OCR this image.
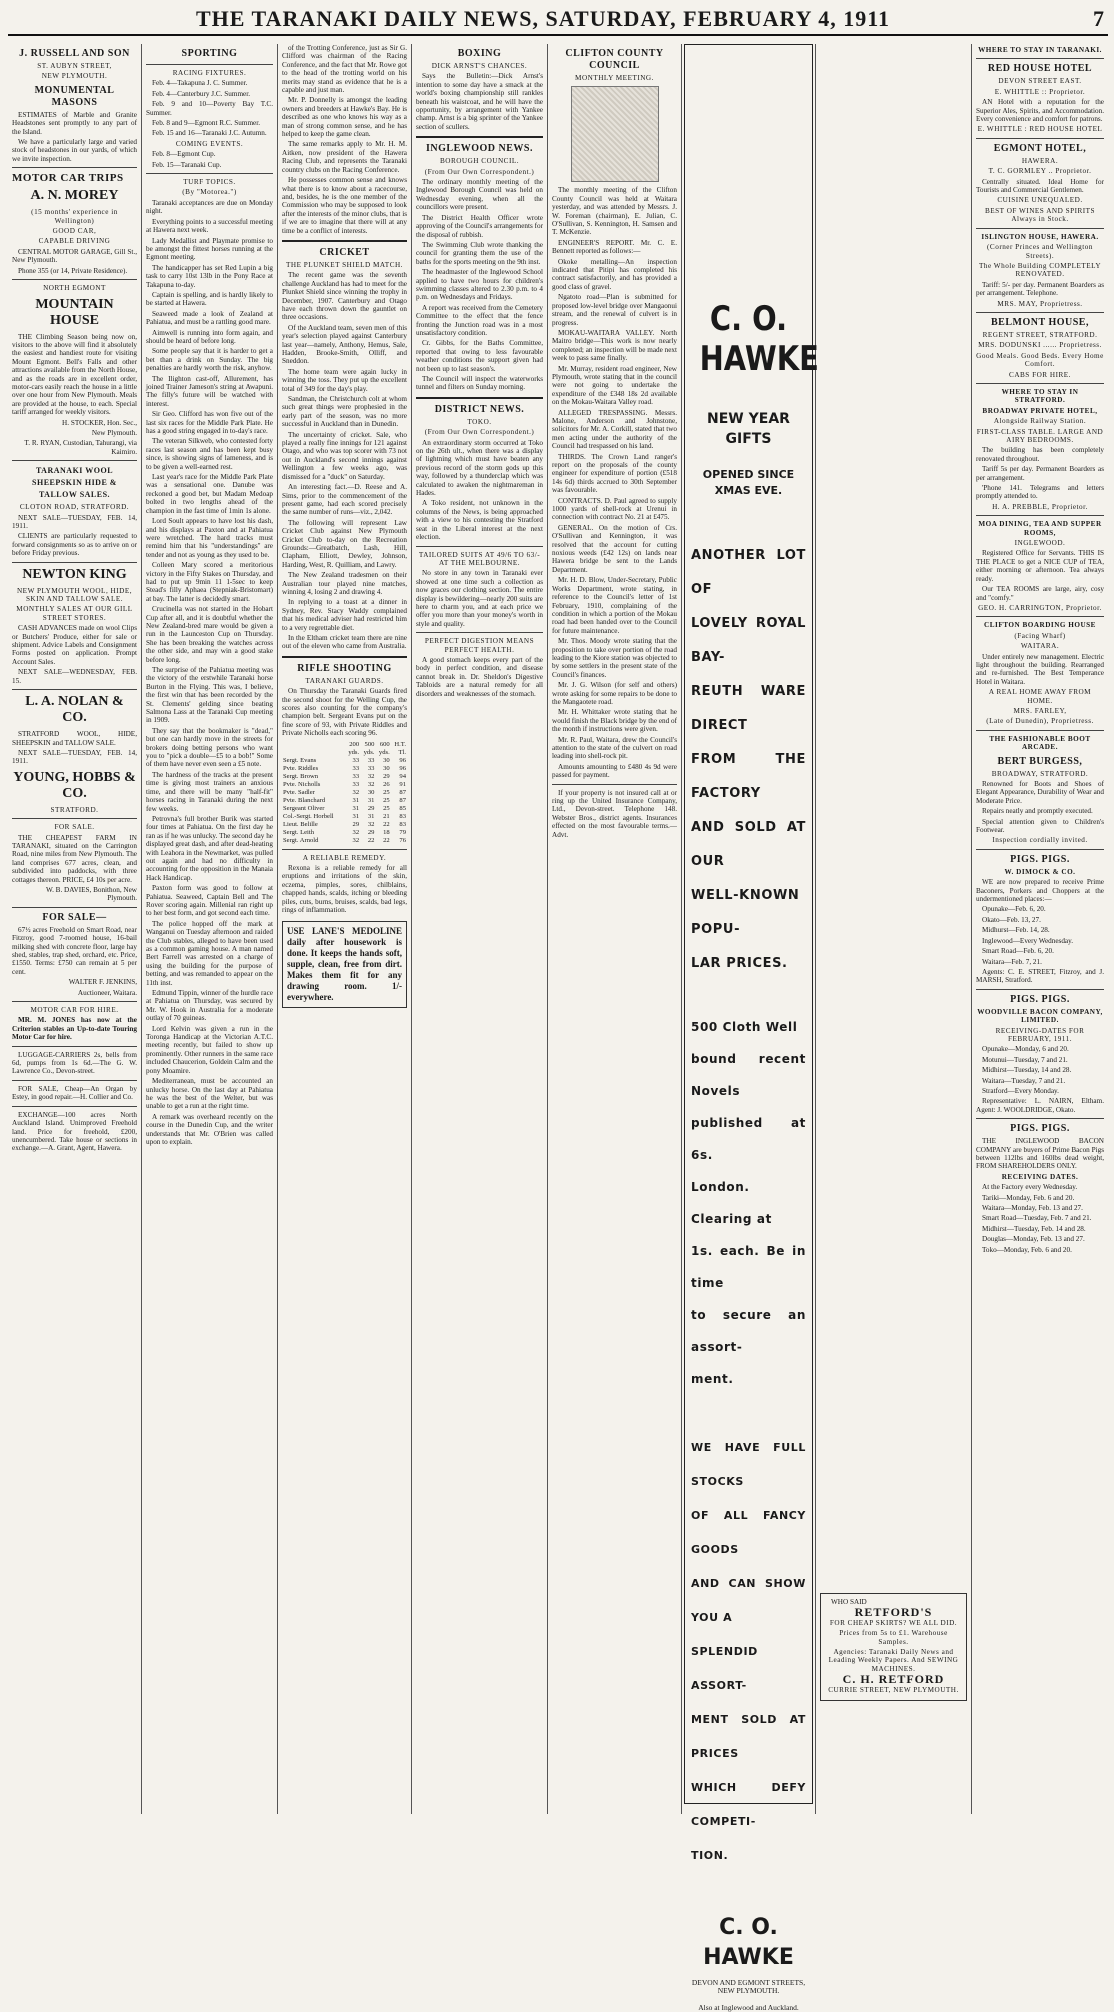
THE TARANAKI DAILY NEWS, SATURDAY, FEBRUARY 4, 1911	7
J. RUSSELL AND SON
ST. AUBYN STREET,
NEW PLYMOUTH.
MONUMENTAL MASONS
ESTIMATES of Marble and Granite Headstones sent promptly to any part of the Island.
We have a particularly large and varied stock of headstones in our yards, of which we invite inspection.
MOTOR CAR TRIPS
A. N. MOREY
(15 months' experience in Wellington)
GOOD CAR,
CAPABLE DRIVING
CENTRAL MOTOR GARAGE, Gill St., New Plymouth.
Phone 355 (or 14, Private Residence).
NORTH EGMONT
MOUNTAIN HOUSE
THE Climbing Season being now on, visitors to the above will find it absolutely the easiest and handiest route for visiting Mount Egmont. Bell's Falls and other attractions available from the North House, and as the roads are in excellent order, motor-cars easily reach the house in a little over one hour from New Plymouth. Meals are provided at the house, to each. Special tariff arranged for weekly visitors.
H. STOCKER, Hon. Sec.,
New Plymouth.
T. R. RYAN, Custodian, Tahurangi, via Kaimiro.
TARANAKI WOOL SHEEPSKIN HIDE & TALLOW SALES.
CLOTON ROAD, STRATFORD.
NEXT SALE—TUESDAY, FEB. 14, 1911.
CLIENTS are particularly requested to forward consignments so as to arrive on or before Friday previous.
NEWTON KING
NEW PLYMOUTH WOOL, HIDE, SKIN AND TALLOW SALE.
MONTHLY SALES AT OUR GILL STREET STORES.
CASH ADVANCES made on wool Clips or Butchers' Produce, either for sale or shipment. Advice Labels and Consignment Forms posted on application. Prompt Account Sales.
NEXT SALE—WEDNESDAY, FEB. 15.
L. A. NOLAN & CO.
STRATFORD WOOL, HIDE, SHEEPSKIN and TALLOW SALE.
NEXT SALE—TUESDAY, FEB. 14, 1911.
YOUNG, HOBBS & CO.
STRATFORD.
FOR SALE.
THE CHEAPEST FARM IN TARANAKI, situated on the Carrington Road, nine miles from New Plymouth. The land comprises 677 acres, clean, and subdivided into paddocks, with three cottages thereon. PRICE, £4 10s per acre.
W. B. DAVIES, Bonithon, New Plymouth.
FOR SALE—
67½ acres Freehold on Smart Road, near Fitzroy, good 7-roomed house, 16-bail milking shed with concrete floor, large hay shed, stables, trap shed, orchard, etc. Price, £1550. Terms: £750 can remain at 5 per cent.
WALTER F. JENKINS,
Auctioneer, Waitara.
MOTOR CAR FOR HIRE.
MR. M. JONES has now at the Criterion stables an Up-to-date Touring Motor Car for hire.
LUGGAGE-CARRIERS 2s, bells from 6d, pumps from 1s 6d.—The G. W. Lawrence Co., Devon-street.
FOR SALE, Cheap—An Organ by Estey, in good repair.—H. Collier and Co.
EXCHANGE—100 acres North Auckland Island. Unimproved Freehold land. Price for freehold, £200, unencumbered. Take house or sections in exchange.—A. Grant, Agent, Hawera.
SPORTING
RACING FIXTURES.
Feb. 4—Takapuna J. C. Summer.
Feb. 4—Canterbury J.C. Summer.
Feb. 9 and 10—Poverty Bay T.C. Summer.
Feb. 8 and 9—Egmont R.C. Summer.
Feb. 15 and 16—Taranaki J.C. Autumn.
COMING EVENTS.
Feb. 8—Egmont Cup.
Feb. 15—Taranaki Cup.
TURF TOPICS.
(By "Motorea.")
Taranaki acceptances are due on Monday night.
Everything points to a successful meeting at Hawera next week.
Lady Medallist and Playmate promise to be amongst the fittest horses running at the Egmont meeting.
The handicapper has set Red Lupin a big task to carry 10st 13lb in the Pony Race at Takapuna to-day.
Captain is spelling, and is hardly likely to be started at Hawera.
Seaweed made a look of Zealand at Pahiatua, and must be a rattling good mare.
Aimwell is running into form again, and should be heard of before long.
Some people say that it is harder to get a bet than a drink on Sunday. The big penalties are hardly worth the risk, anyhow.
The Ilighton cast-off, Allurement, has joined Trainer Jameson's string at Awapuni. The filly's future will be watched with interest.
Sir Geo. Clifford has won five out of the last six races for the Middle Park Plate. He has a good string engaged in to-day's race.
The veteran Silkweb, who contested forty races last season and has been kept busy since, is showing signs of lameness, and is to be given a well-earned rest.
Last year's race for the Middle Park Plate was a sensational one. Danube was reckoned a good bet, but Madam Medoap bolted in two lengths ahead of the champion in the fast time of 1min 1s alone.
Lord Soult appears to have lost his dash, and his displays at Paxton and at Pahiatua were wretched. The hard tracks must remind him that his "understandings" are tender and not as young as they used to be.
Colleen Mary scored a meritorious victory in the Fifty Stakes on Thursday, and had to put up 9min 11 1-5sec to keep Stead's filly Aphaea (Stepniak-Bristomart) at bay. The latter is decidedly smart.
Crucinella was not started in the Hobart Cup after all, and it is doubtful whether the New Zealand-bred mare would be given a run in the Launceston Cup on Thursday. She has been breaking the watches across the other side, and may win a good stake before long.
The surprise of the Pahiatua meeting was the victory of the erstwhile Taranaki horse Burton in the Flying. This was, I believe, the first win that has been recorded by the St. Clements' gelding since beating Salmona Lass at the Taranaki Cup meeting in 1909.
They say that the bookmaker is "dead," but one can hardly move in the streets for brokers doing betting persons who want you to "pick a double—£5 to a bob!" Some of them have never even seen a £5 note.
The hardness of the tracks at the present time is giving most trainers an anxious time, and there will be many "half-fit" horses racing in Taranaki during the next few weeks.
Petrovna's full brother Burik was started four times at Pahiatua. On the first day he ran as if he was unlucky. The second day he displayed great dash, and after dead-heating with Leahora in the Newmarket, was pulled out again and had no difficulty in accounting for the opposition in the Manaia Hack Handicap.
Paxton form was good to follow at Pahiatua. Seaweed, Captain Bell and The Rover scoring again. Millenial ran right up to her best form, and got second each time.
The police hopped off the mark at Wanganui on Tuesday afternoon and raided the Club stables, alleged to have been used as a common gaming house. A man named Bert Farrell was arrested on a charge of using the building for the purpose of betting, and was remanded to appear on the 11th inst.
Edmund Tippin, winner of the hurdle race at Pahiatua on Thursday, was secured by Mr. W. Hook in Australia for a moderate outlay of 70 guineas.
Lord Kelvin was given a run in the Toronga Handicap at the Victorian A.T.C. meeting recently, but failed to show up prominently. Other runners in the same race included Chaucerion, Goldein Calm and the pony Moamire.
Mediterranean, must be accounted an unlucky horse. On the last day at Pahiatua he was the best of the Welter, but was unable to get a run at the right time.
A remark was overheard recently on the course in the Dunedin Cup, and the writer understands that Mr. O'Brien was called upon to explain.
of the Trotting Conference, just as Sir G. Clifford was chairman of the Racing Conference, and the fact that Mr. Rowe got to the head of the trotting world on his merits may stand as evidence that he is a capable and just man.
Mr. P. Donnelly is amongst the leading owners and breeders at Hawke's Bay. He is described as one who knows his way as a man of strong common sense, and he has helped to keep the game clean.
The same remarks apply to Mr. H. M. Aitken, now president of the Hawera Racing Club, and represents the Taranaki country clubs on the Racing Conference.
He possesses common sense and knows what there is to know about a racecourse, and, besides, he is the one member of the Commission who may be supposed to look after the interests of the minor clubs, that is if we are to imagine that there will at any time be a conflict of interests.
CRICKET
THE PLUNKET SHIELD MATCH.
The recent game was the seventh challenge Auckland has had to meet for the Plunket Shield since winning the trophy in December, 1907. Canterbury and Otago have each thrown down the gauntlet on three occasions.
Of the Auckland team, seven men of this year's selection played against Canterbury last year—namely, Anthony, Hemus, Sale, Hadden, Brooke-Smith, Olliff, and Sneddon.
The home team were again lucky in winning the toss. They put up the excellent total of 349 for the day's play.
Sandman, the Christchurch colt at whom such great things were prophesied in the early part of the season, was no more successful in Auckland than in Dunedin.
The uncertainty of cricket. Sale, who played a really fine innings for 121 against Otago, and who was top scorer with 73 not out in Auckland's second innings against Wellington a few weeks ago, was dismissed for a "duck" on Saturday.
An interesting fact.—D. Reese and A. Sims, prior to the commencement of the present game, had each scored precisely the same number of runs—viz., 2,042.
The following will represent Law Cricket Club against New Plymouth Cricket Club to-day on the Recreation Grounds:—Greatbatch, Lash, Hill, Clapham, Elliott, Dewley, Johnson, Harding, West, R. Quilliam, and Lawry.
The New Zealand tradesmen on their Australian tour played nine matches, winning 4, losing 2 and drawing 4.
In replying to a toast at a dinner in Sydney, Rev. Stacy Waddy complained that his medical adviser had restricted him to a very regrettable diet.
In the Eltham cricket team there are nine out of the eleven who came from Australia.
RIFLE SHOOTING
TARANAKI GUARDS.
On Thursday the Taranaki Guards fired the second shoot for the Welling Cup, the scores also counting for the company's champion belt. Sergeant Evans put on the fine score of 93, with Private Riddles and Private Nicholls each scoring 96.
	200	500	600	H.T.
	yds.	yds.	yds.	Tl.
Sergt. Evans	33	33	30	96
Pvte. Riddles	33	33	30	96
Sergt. Brown	33	32	29	94
Pvte. Nicholls	33	32	26	91
Pvte. Sadler	32	30	25	87
Pvte. Blanchard	31	31	25	87
Sergeant Oliver	31	29	25	85
Col.-Sergt. Horbell	31	31	21	83
Lieut. Belille	29	32	22	83
Sergt. Leith	32	29	18	79
Sergt. Arnold	32	22	22	76
A RELIABLE REMEDY.
Rexona is a reliable remedy for all eruptions and irritations of the skin, eczema, pimples, sores, chilblains, chapped hands, scalds, itching or bleeding piles, cuts, burns, bruises, scalds, bad legs, rings of inflammation.
USE LANE'S MEDOLINE daily after housework is done. It keeps the hands soft, supple, clean, free from dirt. Makes them fit for any drawing room. 1/- everywhere.
BOXING
DICK ARNST'S CHANCES.
Says the Bulletin:—Dick Arnst's intention to some day have a smack at the world's boxing championship still rankles beneath his waistcoat, and he will have the opportunity, by arrangement with Yankee champ. Arnst is a big sprinter of the Yankee section of scullers.
INGLEWOOD NEWS.
BOROUGH COUNCIL.
(From Our Own Correspondent.)
The ordinary monthly meeting of the Inglewood Borough Council was held on Wednesday evening, when all the councillors were present.
The District Health Officer wrote approving of the Council's arrangements for the disposal of rubbish.
The Swimming Club wrote thanking the council for granting them the use of the baths for the sports meeting on the 9th inst.
The headmaster of the Inglewood School applied to have two hours for children's swimming classes altered to 2.30 p.m. to 4 p.m. on Wednesdays and Fridays.
A report was received from the Cemetery Committee to the effect that the fence fronting the Junction road was in a most unsatisfactory condition.
Cr. Gibbs, for the Baths Committee, reported that owing to less favourable weather conditions the support given had not been up to last season's.
The Council will inspect the waterworks tunnel and filters on Sunday morning.
DISTRICT NEWS.
TOKO.
(From Our Own Correspondent.)
An extraordinary storm occurred at Toko on the 26th ult., when there was a display of lightning which must have beaten any previous record of the storm gods up this way, followed by a thunderclap which was calculated to awaken the nightmareman in Hades.
A Toko resident, not unknown in the columns of the News, is being approached with a view to his contesting the Stratford seat in the Liberal interest at the next election.
TAILORED SUITS AT 49/6 TO 63/- AT THE MELBOURNE.
No store in any town in Taranaki ever showed at one time such a collection as now graces our clothing section. The entire display is bewildering—nearly 200 suits are here to charm you, and at each price we offer you more than your money's worth in style and quality.
PERFECT DIGESTION MEANS PERFECT HEALTH.
A good stomach keeps every part of the body in perfect condition, and disease cannot break in. Dr. Sheldon's Digestive Tabloids are a natural remedy for all disorders and weaknesses of the stomach.
CLIFTON COUNTY COUNCIL
MONTHLY MEETING.
The monthly meeting of the Clifton County Council was held at Waitara yesterday, and was attended by Messrs. J. W. Foreman (chairman), E. Julian, C. O'Sullivan, S. Kennington, H. Samsen and T. McKenzie.
ENGINEER'S REPORT. Mr. C. E. Bennett reported as follows:—
Okoke metalling—An inspection indicated that Pitipi has completed his contract satisfactorily, and has provided a good class of gravel.
Ngatoto road—Plan is submitted for proposed low-level bridge over Mangaonui stream, and the renewal of culvert is in progress.
MOKAU-WAITARA VALLEY. North Maitro bridge—This work is now nearly completed; an inspection will be made next week to pass same finally.
Mr. Murray, resident road engineer, New Plymouth, wrote stating that in the council were not going to undertake the expenditure of the £348 18s 2d available on the Mokau-Waitara Valley road.
ALLEGED TRESPASSING. Messrs. Malone, Anderson and Johnstone, solicitors for Mr. A. Corkill, stated that two men acting under the authority of the Council had trespassed on his land.
THIRDS. The Crown Land ranger's report on the proposals of the county engineer for expenditure of portion (£518 14s 6d) thirds accrued to 30th September was favourable.
CONTRACTS. D. Paul agreed to supply 1000 yards of shell-rock at Urenui in connection with contract No. 21 at £475.
GENERAL. On the motion of Crs. O'Sullivan and Kennington, it was resolved that the account for cutting noxious weeds (£42 12s) on lands near Hawera bridge be sent to the Lands Department.
Mr. H. D. Blow, Under-Secretary, Public Works Department, wrote stating, in reference to the Council's letter of 1st February, 1910, complaining of the condition in which a portion of the Mokau road had been handed over to the Council for future maintenance.
Mr. Thos. Moody wrote stating that the proposition to take over portion of the road leading to the Kiore station was objected to by some settlers in the present state of the Council's finances.
Mr. J. G. Wilson (for self and others) wrote asking for some repairs to be done to the Mangaotete road.
Mr. H. Whittaker wrote stating that he would finish the Black bridge by the end of the month if instructions were given.
Mr. R. Paul, Waitara, drew the Council's attention to the state of the culvert on road leading into shell-rock pit.
Amounts amounting to £480 4s 9d were passed for payment.
If your property is not insured call at or ring up the United Insurance Company, Ltd., Devon-street. Telephone 148. Webster Bros., district agents. Insurances effected on the most favourable terms.—Advt.
C. O. HAWKE
NEW YEAR GIFTS
OPENED SINCE XMAS EVE.
ANOTHER LOT OF
LOVELY ROYAL BAY-
REUTH WARE DIRECT
FROM THE FACTORY
AND SOLD AT OUR
WELL-KNOWN POPU-
LAR PRICES.
500 Cloth Well
bound recent Novels
published at 6s.
London. Clearing at
1s. each. Be in time
to secure an assort-
ment.
WE HAVE FULL STOCKS
OF ALL FANCY GOODS
AND CAN SHOW YOU A
SPLENDID ASSORT-
MENT SOLD AT PRICES
WHICH DEFY COMPETI-
TION.
C. O. HAWKE
DEVON AND EGMONT STREETS,
NEW PLYMOUTH.
Also at Inglewood and Auckland.
WHO SAID
RETFORD'S
FOR CHEAP SKIRTS? WE ALL DID.
Prices from 5s to £1. Warehouse Samples.
Agencies: Taranaki Daily News and Leading Weekly Papers. And SEWING MACHINES.
C. H. RETFORD
CURRIE STREET, NEW PLYMOUTH.
WHERE TO STAY IN TARANAKI.
RED HOUSE HOTEL
DEVON STREET EAST.
E. WHITTLE :: Proprietor.
AN Hotel with a reputation for the Superior Ales, Spirits, and Accommodation. Every convenience and comfort for patrons.
E. WHITTLE : RED HOUSE HOTEL
EGMONT HOTEL,
HAWERA.
T. C. GORMLEY .. Proprietor.
Centrally situated. Ideal Home for Tourists and Commercial Gentlemen.
CUISINE UNEQUALED.
BEST OF WINES AND SPIRITS Always in Stock.
ISLINGTON HOUSE, HAWERA.
(Corner Princes and Wellington Streets).
The Whole Building COMPLETELY RENOVATED.
Tariff: 5/- per day. Permanent Boarders as per arrangement. Telephone.
MRS. MAY, Proprietress.
BELMONT HOUSE,
REGENT STREET, STRATFORD.
MRS. DODUNSKI ...... Proprietress.
Good Meals. Good Beds. Every Home Comfort.
CABS FOR HIRE.
WHERE TO STAY IN STRATFORD.
BROADWAY PRIVATE HOTEL,
Alongside Railway Station.
FIRST-CLASS TABLE. LARGE AND AIRY BEDROOMS.
The building has been completely renovated throughout.
Tariff 5s per day. Permanent Boarders as per arrangement.
'Phone 141. Telegrams and letters promptly attended to.
H. A. PREBBLE, Proprietor.
MOA DINING, TEA AND SUPPER ROOMS,
INGLEWOOD.
Registered Office for Servants. THIS IS THE PLACE to get a NICE CUP of TEA, either morning or afternoon. Tea always ready.
Our TEA ROOMS are large, airy, cosy and "comfy."
GEO. H. CARRINGTON, Proprietor.
CLIFTON BOARDING HOUSE
(Facing Wharf)
WAITARA.
Under entirely new management. Electric light throughout the building. Rearranged and re-furnished. The Best Temperance Hotel in Waitara.
A REAL HOME AWAY FROM HOME.
MRS. FARLEY,
(Late of Dunedin), Proprietress.
THE FASHIONABLE BOOT ARCADE.
BERT BURGESS,
BROADWAY, STRATFORD.
Renowned for Boots and Shoes of Elegant Appearance, Durability of Wear and Moderate Price.
Repairs neatly and promptly executed.
Special attention given to Children's Footwear.
Inspection cordially invited.
PIGS. PIGS.
W. DIMOCK & CO.
WE are now prepared to receive Prime Baconers, Porkers and Choppers at the undermentioned places:—
Opunake—Feb. 6, 20.
Okato—Feb. 13, 27.
Midhurst—Feb. 14, 28.
Inglewood—Every Wednesday.
Smart Road—Feb. 6, 20.
Waitara—Feb. 7, 21.
Agents: C. E. STREET, Fitzroy, and J. MARSH, Stratford.
PIGS. PIGS.
WOODVILLE BACON COMPANY, LIMITED.
RECEIVING-DATES FOR FEBRUARY, 1911.
Opunake—Monday, 6 and 20.
Motunui—Tuesday, 7 and 21.
Midhirst—Tuesday, 14 and 28.
Waitara—Tuesday, 7 and 21.
Stratford—Every Monday.
Representative: L. NAIRN, Eltham. Agent: J. WOOLDRIDGE, Okato.
PIGS. PIGS.
THE INGLEWOOD BACON COMPANY are buyers of Prime Bacon Pigs between 112lbs and 160lbs dead weight, FROM SHAREHOLDERS ONLY.
RECEIVING DATES.
At the Factory every Wednesday.
Tariki—Monday, Feb. 6 and 20.
Waitara—Monday, Feb. 13 and 27.
Smart Road—Tuesday, Feb. 7 and 21.
Midhirst—Tuesday, Feb. 14 and 28.
Douglas—Monday, Feb. 13 and 27.
Toko—Monday, Feb. 6 and 20.
